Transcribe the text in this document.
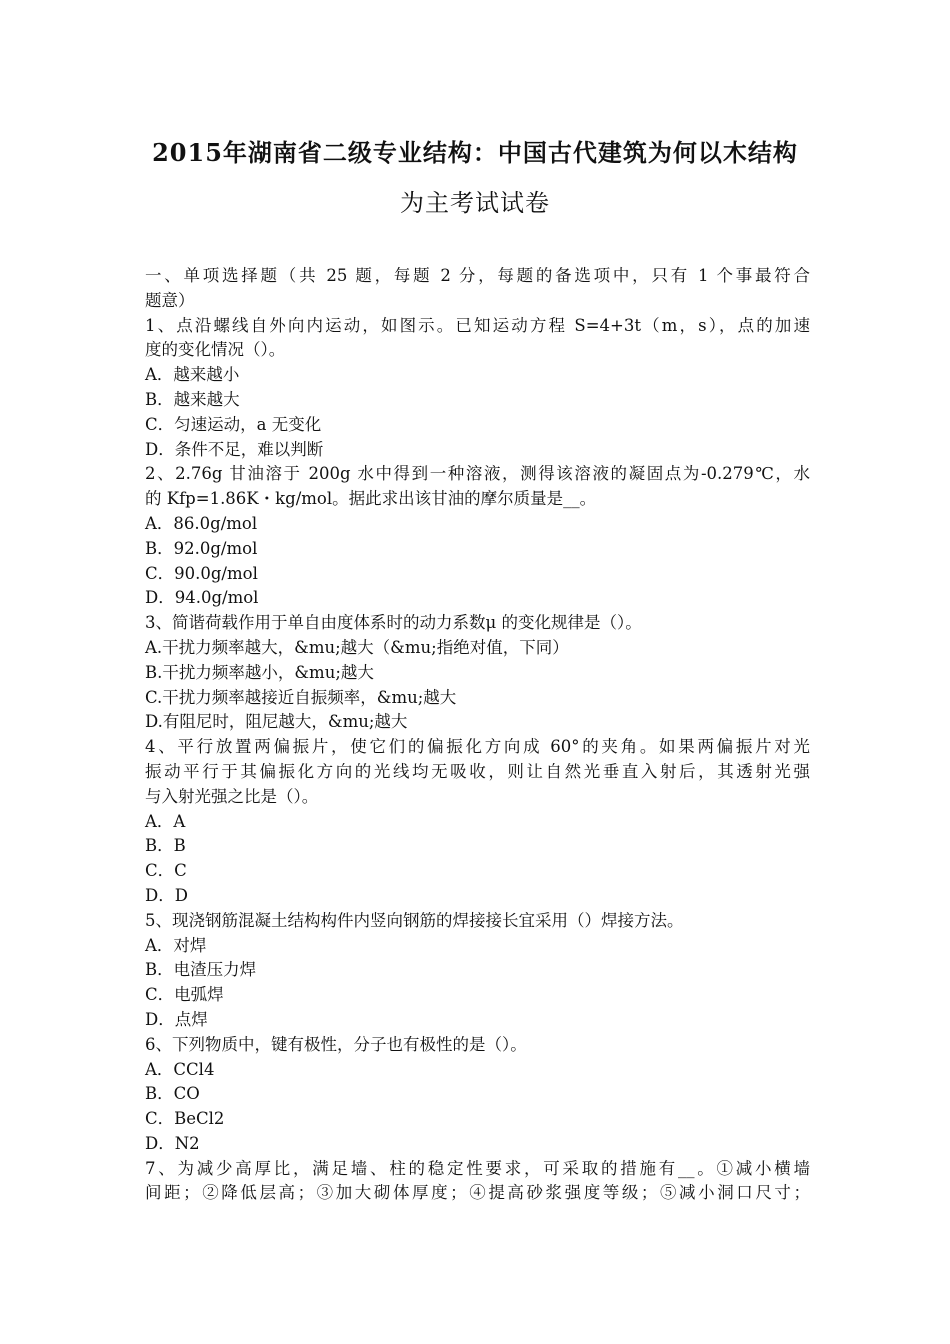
2015年湖南省二级专业结构：中国古代建筑为何以木结构
为主考试试卷
一、单项选择题（共 25 题，每题 2 分，每题的备选项中，只有 1 个事最符合
题意）
1、点沿螺线自外向内运动，如图示。已知运动方程 S=4+3t（m，s），点的加速
度的变化情况（）。
A．越来越小
B．越来越大
C．匀速运动，a 无变化
D．条件不足，难以判断
2、2.76g 甘油溶于 200g 水中得到一种溶液，测得该溶液的凝固点为-0.279℃，水
的 Kfp=1.86K・kg/mol。据此求出该甘油的摩尔质量是__。
A．86.0g/mol
B．92.0g/mol
C．90.0g/mol
D．94.0g/mol
3、简谐荷载作用于单自由度体系时的动力系数μ 的变化规律是（）。
A.干扰力频率越大，&mu;越大（&mu;指绝对值，下同）
B.干扰力频率越小，&mu;越大
C.干扰力频率越接近自振频率，&mu;越大
D.有阻尼时，阻尼越大，&mu;越大
4、平行放置两偏振片，使它们的偏振化方向成 60°的夹角。如果两偏振片对光
振动平行于其偏振化方向的光线均无吸收，则让自然光垂直入射后，其透射光强
与入射光强之比是（）。
A．A
B．B
C．C
D．D
5、现浇钢筋混凝土结构构件内竖向钢筋的焊接接长宜采用（）焊接方法。
A．对焊
B．电渣压力焊
C．电弧焊
D．点焊
6、下列物质中，键有极性，分子也有极性的是（）。
A．CCl4
B．CO
C．BeCl2
D．N2
7、为减少高厚比，满足墙、柱的稳定性要求，可采取的措施有__。①减小横墙
间距；②降低层高；③加大砌体厚度；④提高砂浆强度等级；⑤减小洞口尺寸；
